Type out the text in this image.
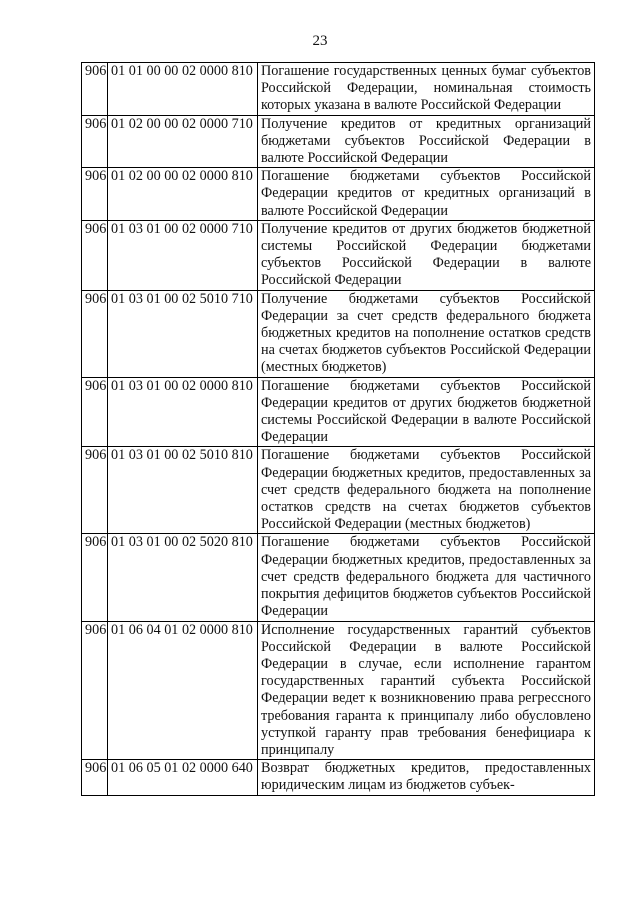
23
906	01 01 00 00 02 0000 810	Погашение государственных ценных бумаг субъектов Российской Федерации, номинальная стоимость которых указана в валюте Российской Федерации
906	01 02 00 00 02 0000 710	Получение кредитов от кредитных организаций бюджетами субъектов Российской Федерации в валюте Российской Федерации
906	01 02 00 00 02 0000 810	Погашение бюджетами субъектов Российской Федерации кредитов от кредитных организаций в валюте Российской Федерации
906	01 03 01 00 02 0000 710	Получение кредитов от других бюджетов бюджетной системы Российской Федерации бюджетами субъектов Российской Федерации в валюте Российской Федерации
906	01 03 01 00 02 5010 710	Получение бюджетами субъектов Российской Федерации за счет средств федерального бюджета бюджетных кредитов на пополнение остатков средств на счетах бюджетов субъектов Российской Федерации (местных бюджетов)
906	01 03 01 00 02 0000 810	Погашение бюджетами субъектов Российской Федерации кредитов от других бюджетов бюджетной системы Российской Федерации в валюте Российской Федерации
906	01 03 01 00 02 5010 810	Погашение бюджетами субъектов Российской Федерации бюджетных кредитов, предоставленных за счет средств федерального бюджета на пополнение остатков средств на счетах бюджетов субъектов Российской Федерации (местных бюджетов)
906	01 03 01 00 02 5020 810	Погашение бюджетами субъектов Российской Федерации бюджетных кредитов, предоставленных за счет средств федерального бюджета для частичного покрытия дефицитов бюджетов субъектов Российской Федерации
906	01 06 04 01 02 0000 810	Исполнение государственных гарантий субъектов Российской Федерации в валюте Российской Федерации в случае, если исполнение гарантом государственных гарантий субъекта Российской Федерации ведет к возникновению права регрессного требования гаранта к принципалу либо обусловлено уступкой гаранту прав требования бенефициара к принципалу
906	01 06 05 01 02 0000 640	Возврат бюджетных кредитов, предоставленных юридическим лицам из бюджетов субъек-
